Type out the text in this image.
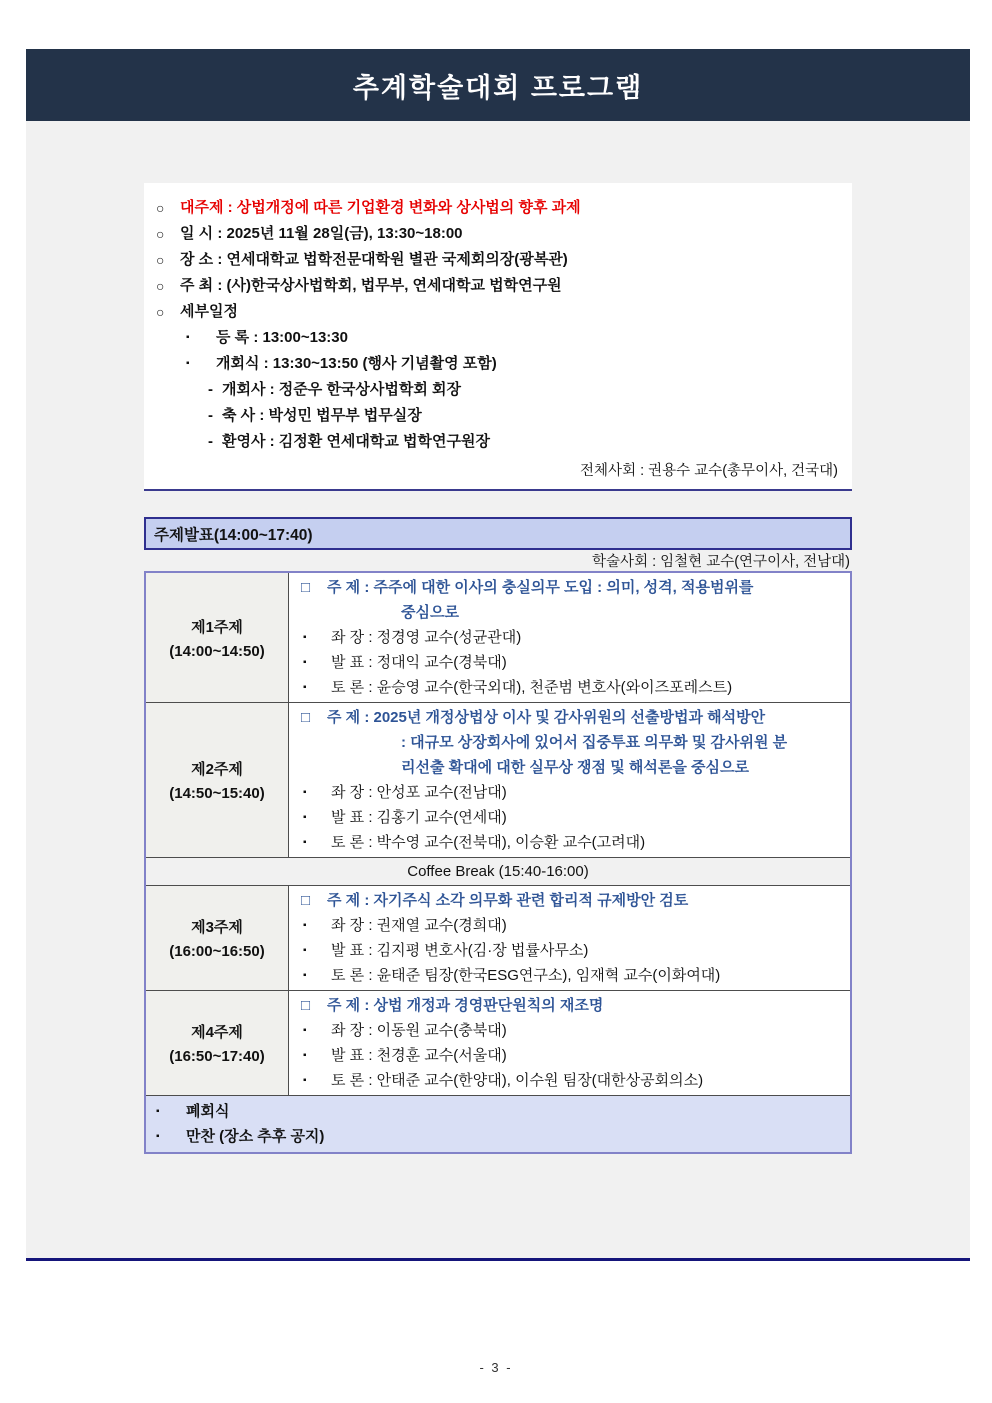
추계학술대회 프로그램
○	대주제 : 상법개정에 따른 기업환경 변화와 상사법의 향후 과제
○	일 시 : 2025년 11월 28일(금), 13:30~18:00
○	장 소 : 연세대학교 법학전문대학원 별관 국제회의장(광복관)
○	주 최 : (사)한국상사법학회, 법무부, 연세대학교 법학연구원
○	세부일정
▪	등 록 : 13:00~13:30
▪	개회식 : 13:30~13:50 (행사 기념촬영 포함)
- 개회사 : 정준우 한국상사법학회 회장
- 축 사 : 박성민 법무부 법무실장
- 환영사 : 김정환 연세대학교 법학연구원장
전체사회 : 권용수 교수(총무이사, 건국대)
주제발표(14:00~17:40)
학술사회 : 임철현 교수(연구이사, 전남대)
제1주제
(14:00~14:50)
□	주 제 : 주주에 대한 이사의 충실의무 도입 : 의미, 성격, 적용범위를
중심으로
▪	좌 장 : 정경영 교수(성균관대)
▪	발 표 : 정대익 교수(경북대)
▪	토 론 : 윤승영 교수(한국외대), 천준범 변호사(와이즈포레스트)
제2주제
(14:50~15:40)
□	주 제 : 2025년 개정상법상 이사 및 감사위원의 선출방법과 해석방안
: 대규모 상장회사에 있어서 집중투표 의무화 및 감사위원 분
리선출 확대에 대한 실무상 쟁점 및 해석론을 중심으로
▪	좌 장 : 안성포 교수(전남대)
▪	발 표 : 김홍기 교수(연세대)
▪	토 론 : 박수영 교수(전북대), 이승환 교수(고려대)
Coffee Break (15:40-16:00)
제3주제
(16:00~16:50)
□	주 제 : 자기주식 소각 의무화 관련 합리적 규제방안 검토
▪	좌 장 : 권재열 교수(경희대)
▪	발 표 : 김지평 변호사(김·장 법률사무소)
▪	토 론 : 윤태준 팀장(한국ESG연구소), 임재혁 교수(이화여대)
제4주제
(16:50~17:40)
□	주 제 : 상법 개정과 경영판단원칙의 재조명
▪	좌 장 : 이동원 교수(충북대)
▪	발 표 : 천경훈 교수(서울대)
▪	토 론 : 안태준 교수(한양대), 이수원 팀장(대한상공회의소)
▪	폐회식
▪	만찬 (장소 추후 공지)
- 3 -
